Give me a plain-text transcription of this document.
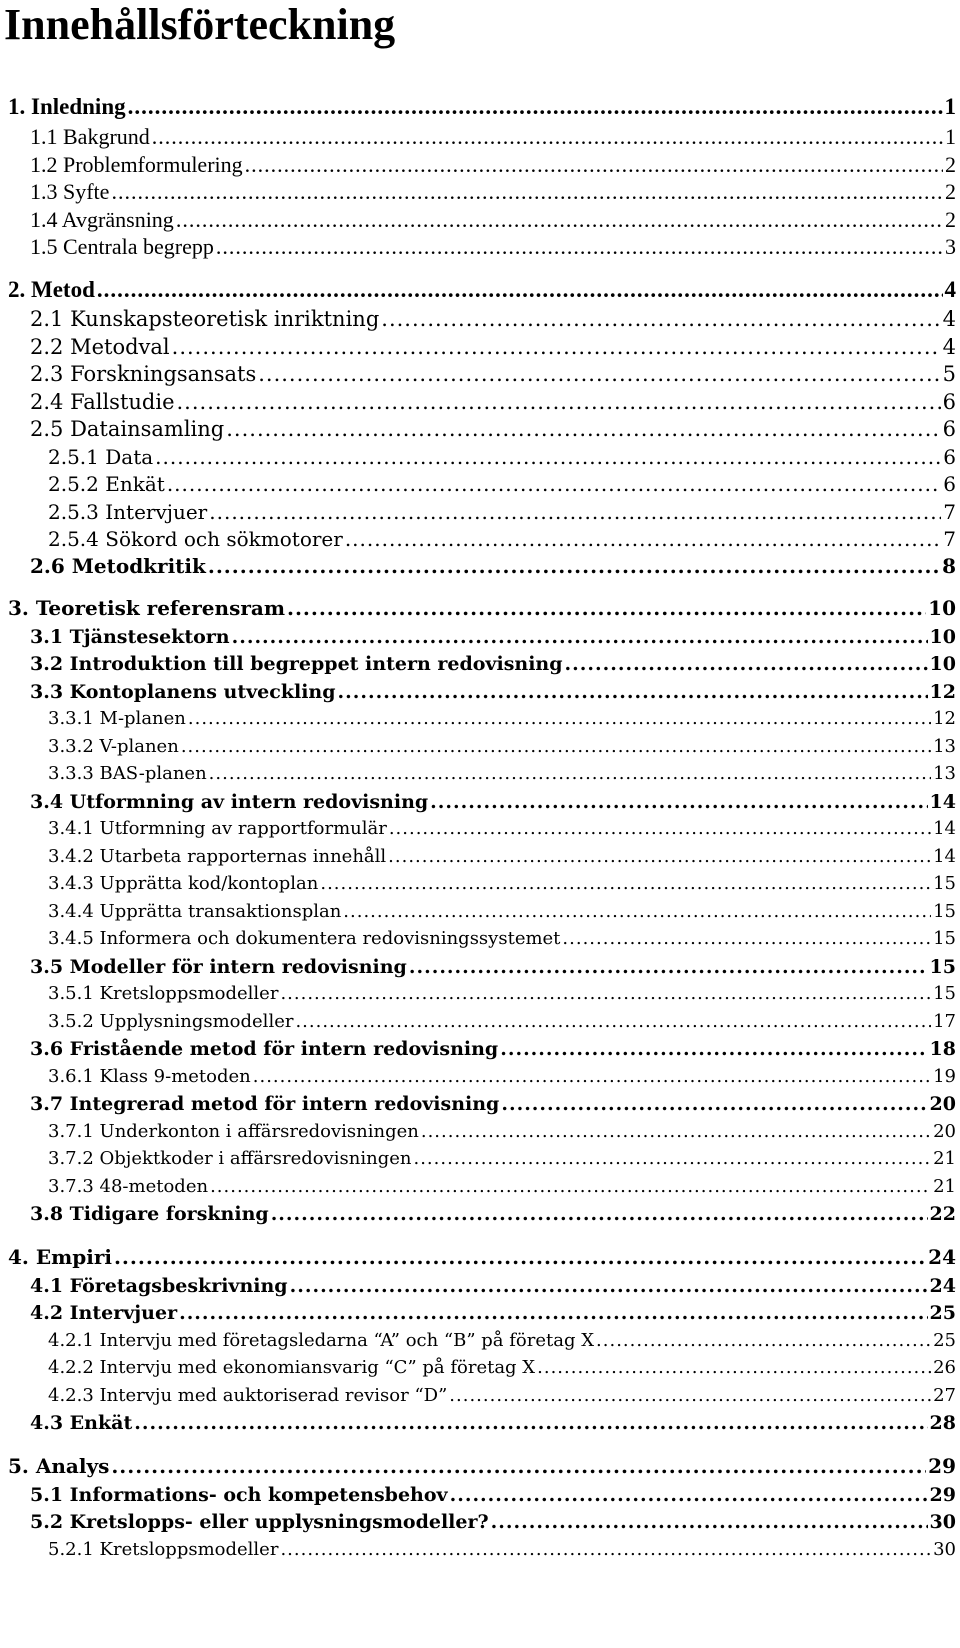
Innehållsförteckning
1. Inledning .....	1
1.1 Bakgrund .....	1
1.2 Problemformulering .....	2
1.3 Syfte .....	2
1.4 Avgränsning .....	2
1.5 Centrala begrepp .....	3
2. Metod .....	4
2.1 Kunskapsteoretisk inriktning .....	4
2.2 Metodval .....	4
2.3 Forskningsansats .....	5
2.4 Fallstudie .....	6
2.5 Datainsamling .....	6
2.5.1 Data .....	6
2.5.2 Enkät .....	6
2.5.3 Intervjuer .....	7
2.5.4 Sökord och sökmotorer .....	7
2.6 Metodkritik .....	8
3. Teoretisk referensram .....	10
3.1 Tjänstesektorn .....	10
3.2 Introduktion till begreppet intern redovisning .....	10
3.3 Kontoplanens utveckling .....	12
3.3.1 M-planen .....	12
3.3.2 V-planen .....	13
3.3.3 BAS-planen .....	13
3.4 Utformning av intern redovisning .....	14
3.4.1 Utformning av rapportformulär .....	14
3.4.2 Utarbeta rapporternas innehåll .....	14
3.4.3 Upprätta kod/kontoplan .....	15
3.4.4 Upprätta transaktionsplan .....	15
3.4.5 Informera och dokumentera redovisningssystemet .....	15
3.5 Modeller för intern redovisning .....	15
3.5.1 Kretsloppsmodeller .....	15
3.5.2 Upplysningsmodeller .....	17
3.6 Fristående metod för intern redovisning .....	18
3.6.1 Klass 9-metoden .....	19
3.7 Integrerad metod för intern redovisning .....	20
3.7.1 Underkonton i affärsredovisningen .....	20
3.7.2 Objektkoder i affärsredovisningen .....	21
3.7.3 48-metoden .....	21
3.8 Tidigare forskning .....	22
4. Empiri .....	24
4.1 Företagsbeskrivning .....	24
4.2 Intervjuer .....	25
4.2.1 Intervju med företagsledarna “A” och “B” på företag X .....	25
4.2.2 Intervju med ekonomiansvarig “C” på företag X .....	26
4.2.3 Intervju med auktoriserad revisor “D” .....	27
4.3 Enkät .....	28
5. Analys .....	29
5.1 Informations- och kompetensbehov .....	29
5.2 Kretslopps- eller upplysningsmodeller? .....	30
5.2.1 Kretsloppsmodeller .....	30
